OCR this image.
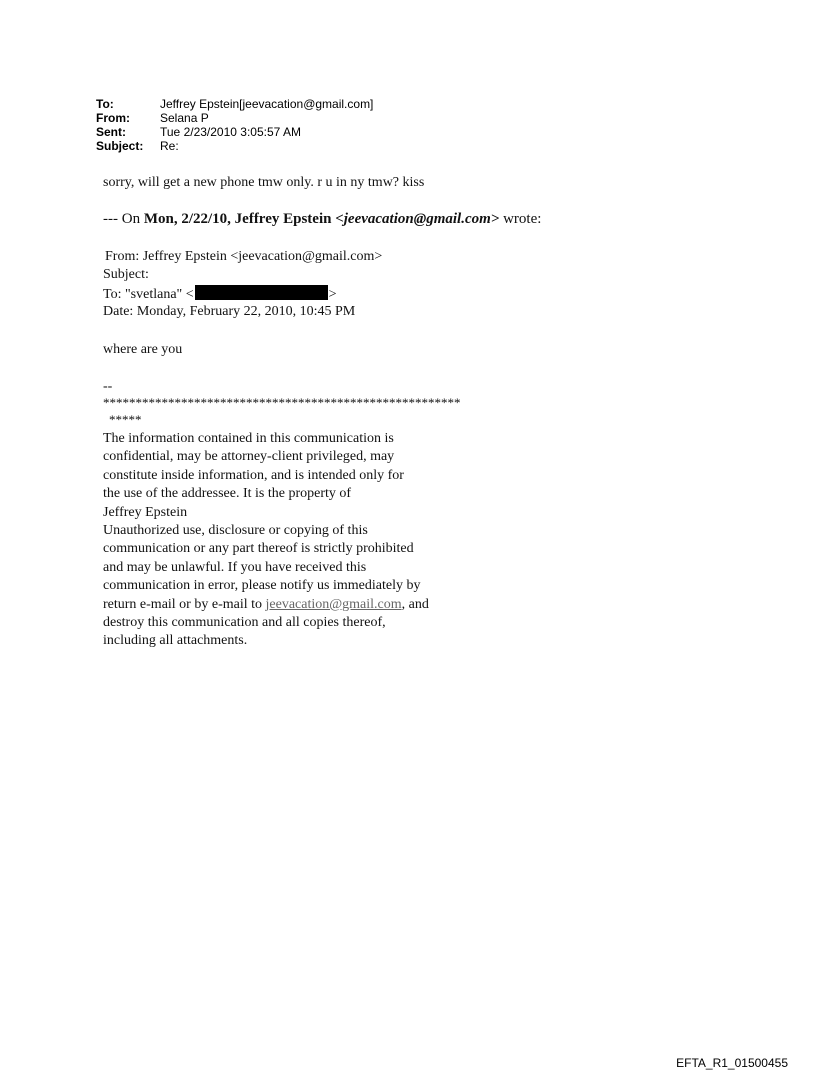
To:	Jeffrey Epstein[jeevacation@gmail.com]
From:	Selana P
Sent:	Tue 2/23/2010 3:05:57 AM
Subject:	Re:
sorry, will get a new phone tmw only. r u in ny tmw? kiss
--- On Mon, 2/22/10, Jeffrey Epstein <jeevacation@gmail.com> wrote:
From: Jeffrey Epstein <jeevacation@gmail.com>
Subject:
To: "svetlana" <	>
Date: Monday, February 22, 2010, 10:45 PM
where are you
--
*******************************************************
*****
The information contained in this communication is
confidential, may be attorney-client privileged, may
constitute inside information, and is intended only for
the use of the addressee. It is the property of
Jeffrey Epstein
Unauthorized use, disclosure or copying of this
communication or any part thereof is strictly prohibited
and may be unlawful. If you have received this
communication in error, please notify us immediately by
return e-mail or by e-mail to jeevacation@gmail.com, and
destroy this communication and all copies thereof,
including all attachments.
EFTA_R1_01500455
